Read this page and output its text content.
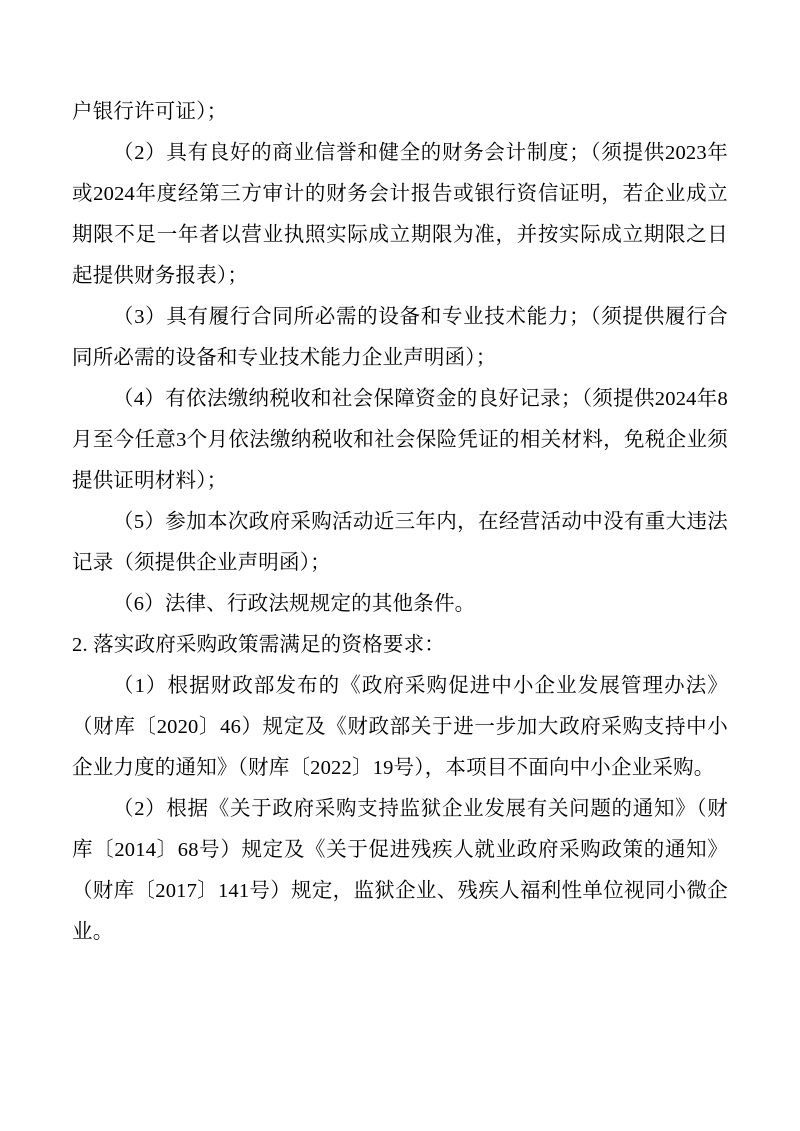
户银行许可证）；

（2）具有良好的商业信誉和健全的财务会计制度；（须提供2023年或2024年度经第三方审计的财务会计报告或银行资信证明，若企业成立期限不足一年者以营业执照实际成立期限为准，并按实际成立期限之日起提供财务报表）；

（3）具有履行合同所必需的设备和专业技术能力；（须提供履行合同所必需的设备和专业技术能力企业声明函）；

（4）有依法缴纳税收和社会保障资金的良好记录；（须提供2024年8月至今任意3个月依法缴纳税收和社会保险凭证的相关材料，免税企业须提供证明材料）；

（5）参加本次政府采购活动近三年内，在经营活动中没有重大违法记录（须提供企业声明函）；

（6）法律、行政法规规定的其他条件。

2. 落实政府采购政策需满足的资格要求：

（1）根据财政部发布的《政府采购促进中小企业发展管理办法》（财库〔2020〕46）规定及《财政部关于进一步加大政府采购支持中小企业力度的通知》（财库〔2022〕19号），本项目不面向中小企业采购。

（2）根据《关于政府采购支持监狱企业发展有关问题的通知》（财库〔2014〕68号）规定及《关于促进残疾人就业政府采购政策的通知》（财库〔2017〕141号）规定，监狱企业、残疾人福利性单位视同小微企业。
